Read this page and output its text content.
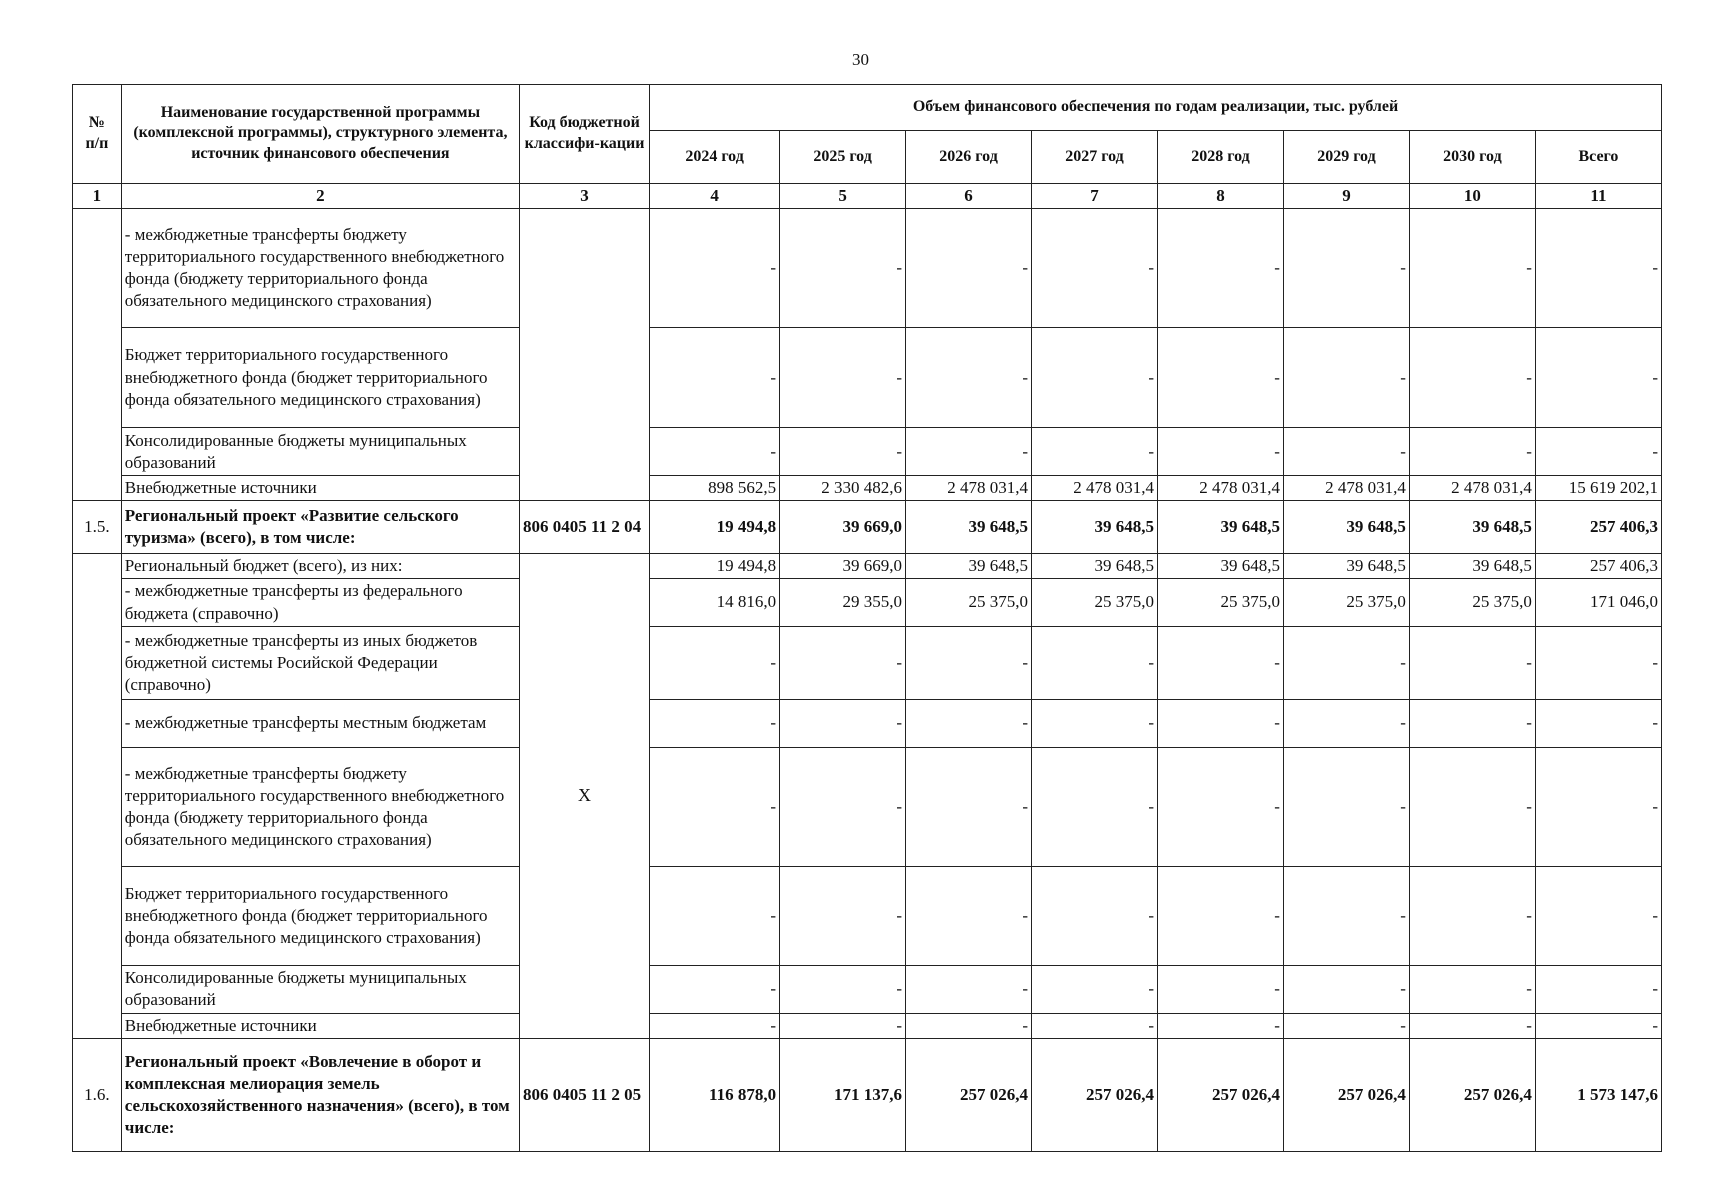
30
№
п/п	Наименование государственной программы (комплексной программы), структурного элемента, источник финансового обеспечения	Код бюджетной классифи-кации	Объем финансового обеспечения по годам реализации, тыс. рублей							
			2024 год	2025 год	2026 год	2027 год	2028 год	2029 год	2030 год	Всего
1	2	3	4	5	6	7	8	9	10	11
	- межбюджетные трансферты бюджету территориального государственного внебюджетного фонда (бюджету территориального фонда обязательного медицинского страхования)		-	-	-	-	-	-	-	-
	Бюджет территориального государственного внебюджетного фонда (бюджет территориального фонда обязательного медицинского страхования)		-	-	-	-	-	-	-	-
	Консолидированные бюджеты муниципальных образований		-	-	-	-	-	-	-	-
	Внебюджетные источники		898 562,5	2 330 482,6	2 478 031,4	2 478 031,4	2 478 031,4	2 478 031,4	2 478 031,4	15 619 202,1
1.5.	Региональный проект «Развитие сельского туризма» (всего), в том числе:	806 0405 11 2 04	19 494,8	39 669,0	39 648,5	39 648,5	39 648,5	39 648,5	39 648,5	257 406,3
	Региональный бюджет (всего), из них:	Х	19 494,8	39 669,0	39 648,5	39 648,5	39 648,5	39 648,5	39 648,5	257 406,3
	- межбюджетные трансферты из федерального бюджета (справочно)		14 816,0	29 355,0	25 375,0	25 375,0	25 375,0	25 375,0	25 375,0	171 046,0
	- межбюджетные трансферты из иных бюджетов бюджетной системы Росийской Федерации (справочно)		-	-	-	-	-	-	-	-
	- межбюджетные трансферты местным бюджетам		-	-	-	-	-	-	-	-
	- межбюджетные трансферты бюджету территориального государственного внебюджетного фонда (бюджету территориального фонда обязательного медицинского страхования)		-	-	-	-	-	-	-	-
	Бюджет территориального государственного внебюджетного фонда (бюджет территориального фонда обязательного медицинского страхования)		-	-	-	-	-	-	-	-
	Консолидированные бюджеты муниципальных образований		-	-	-	-	-	-	-	-
	Внебюджетные источники		-	-	-	-	-	-	-	-
1.6.	Региональный проект «Вовлечение в оборот и комплексная мелиорация земель сельскохозяйственного назначения» (всего), в том числе:	806 0405 11 2 05	116 878,0	171 137,6	257 026,4	257 026,4	257 026,4	257 026,4	257 026,4	1 573 147,6
